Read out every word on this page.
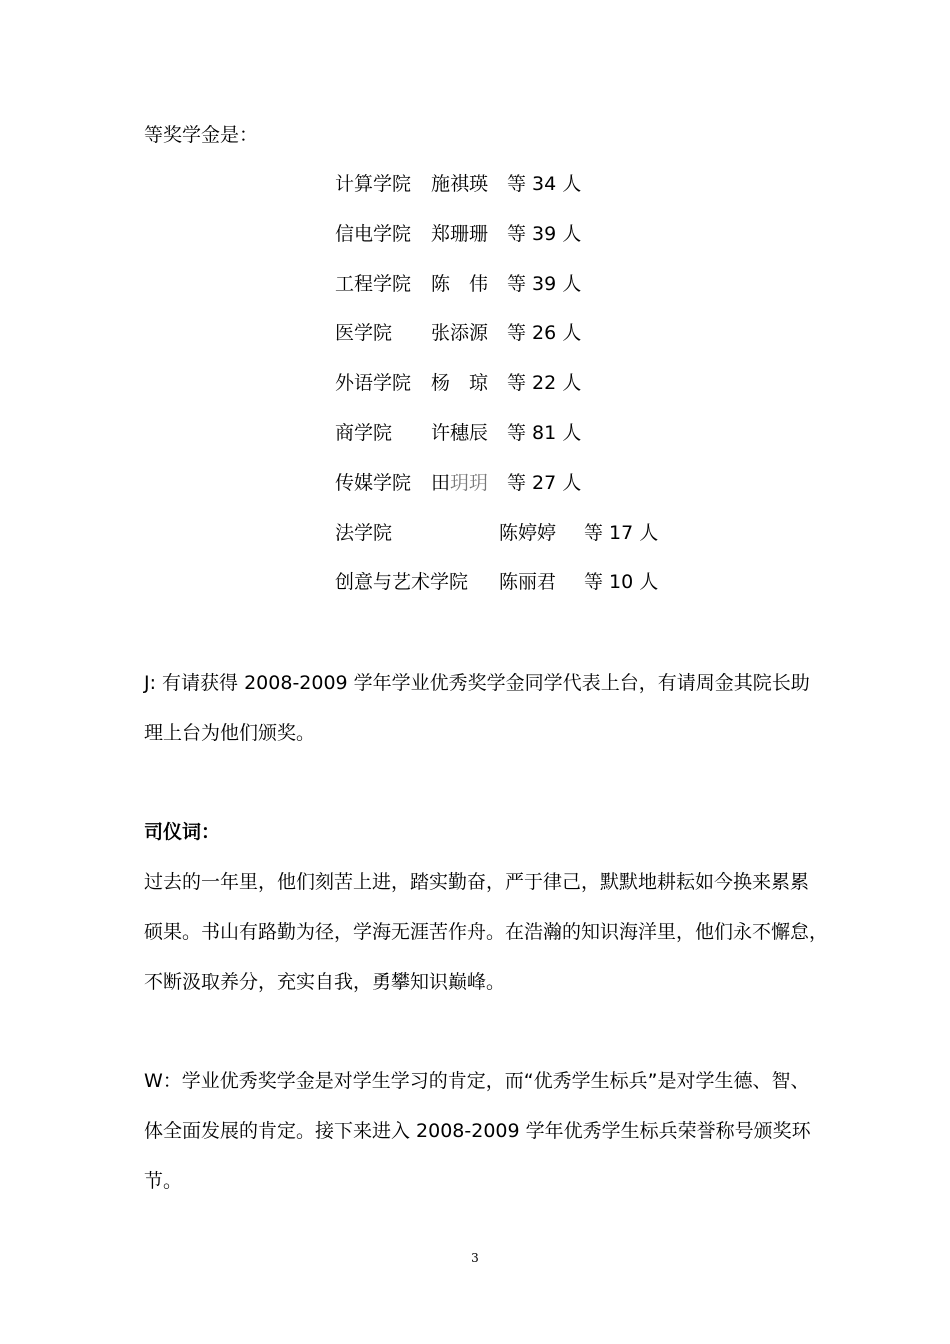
等奖学金是：
计算学院 施祺瑛 等 34 人
信电学院 郑珊珊 等 39 人
工程学院 陈　伟 等 39 人
医学院 张添源 等 26 人
外语学院 杨　琼 等 22 人
商学院 许穗辰 等 81 人
传媒学院 田玥玥 等 27 人
法学院	陈婷婷 等 17 人
创意与艺术学院 陈丽君 等 10 人
J: 有请获得 2008-2009 学年学业优秀奖学金同学代表上台，有请周金其院长助
理上台为他们颁奖。
司仪词：
过去的一年里，他们刻苦上进，踏实勤奋，严于律己，默默地耕耘如今换来累累
硕果。书山有路勤为径，学海无涯苦作舟。在浩瀚的知识海洋里，他们永不懈怠，
不断汲取养分，充实自我，勇攀知识巅峰。
W：学业优秀奖学金是对学生学习的肯定，而“优秀学生标兵”是对学生德、智、
体全面发展的肯定。接下来进入 2008-2009 学年优秀学生标兵荣誉称号颁奖环
节。
3
